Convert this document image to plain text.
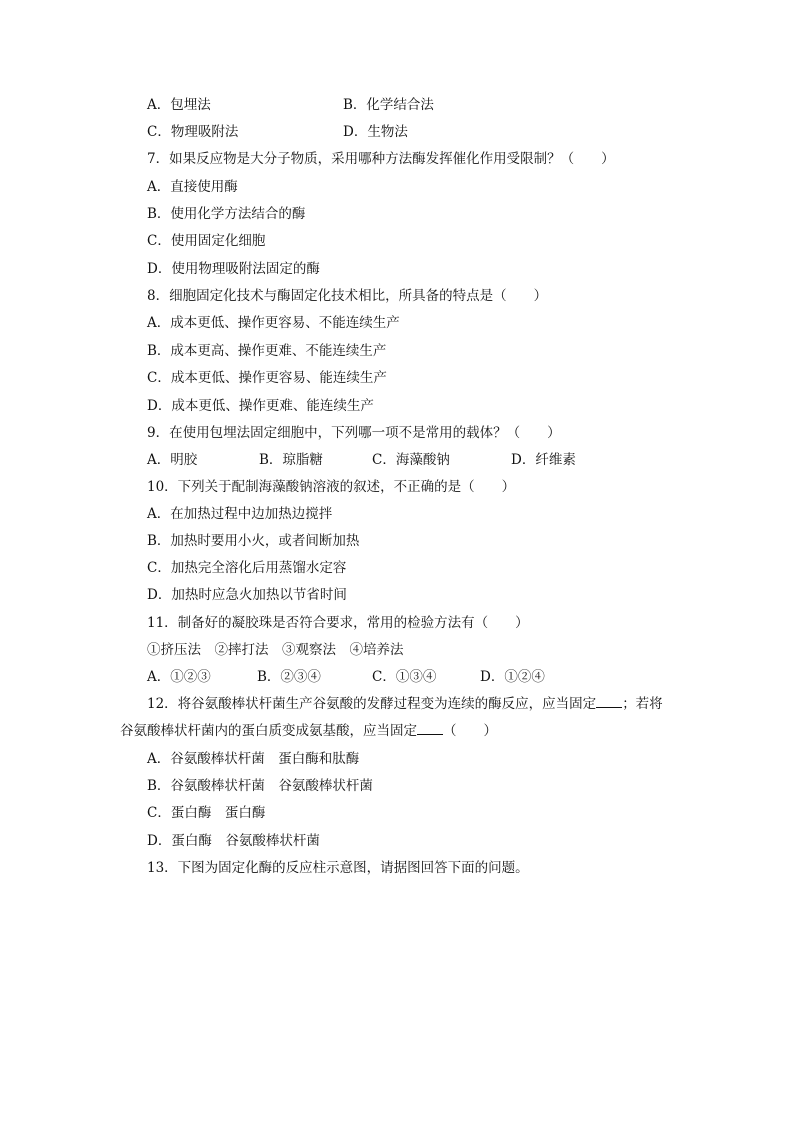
A．包埋法	B．化学结合法
C．物理吸附法	D．生物法
7．如果反应物是大分子物质，采用哪种方法酶发挥催化作用受限制？（　　）
A．直接使用酶
B．使用化学方法结合的酶
C．使用固定化细胞
D．使用物理吸附法固定的酶
8．细胞固定化技术与酶固定化技术相比，所具备的特点是（　　）
A．成本更低、操作更容易、不能连续生产
B．成本更高、操作更难、不能连续生产
C．成本更低、操作更容易、能连续生产
D．成本更低、操作更难、能连续生产
9．在使用包埋法固定细胞中，下列哪一项不是常用的载体？（　　）
A．明胶	B．琼脂糖	C．海藻酸钠	D．纤维素
10．下列关于配制海藻酸钠溶液的叙述，不正确的是（　　）
A．在加热过程中边加热边搅拌
B．加热时要用小火，或者间断加热
C．加热完全溶化后用蒸馏水定容
D．加热时应急火加热以节省时间
11．制备好的凝胶珠是否符合要求，常用的检验方法有（　　）
①挤压法　②摔打法　③观察法　④培养法
A．①②③	B．②③④	C．①③④	D．①②④
12．将谷氨酸棒状杆菌生产谷氨酸的发酵过程变为连续的酶反应，应当固定 ；若将
谷氨酸棒状杆菌内的蛋白质变成氨基酸，应当固定 （　　）
A．谷氨酸棒状杆菌　蛋白酶和肽酶
B．谷氨酸棒状杆菌　谷氨酸棒状杆菌
C．蛋白酶　蛋白酶
D．蛋白酶　谷氨酸棒状杆菌
13．下图为固定化酶的反应柱示意图，请据图回答下面的问题。
